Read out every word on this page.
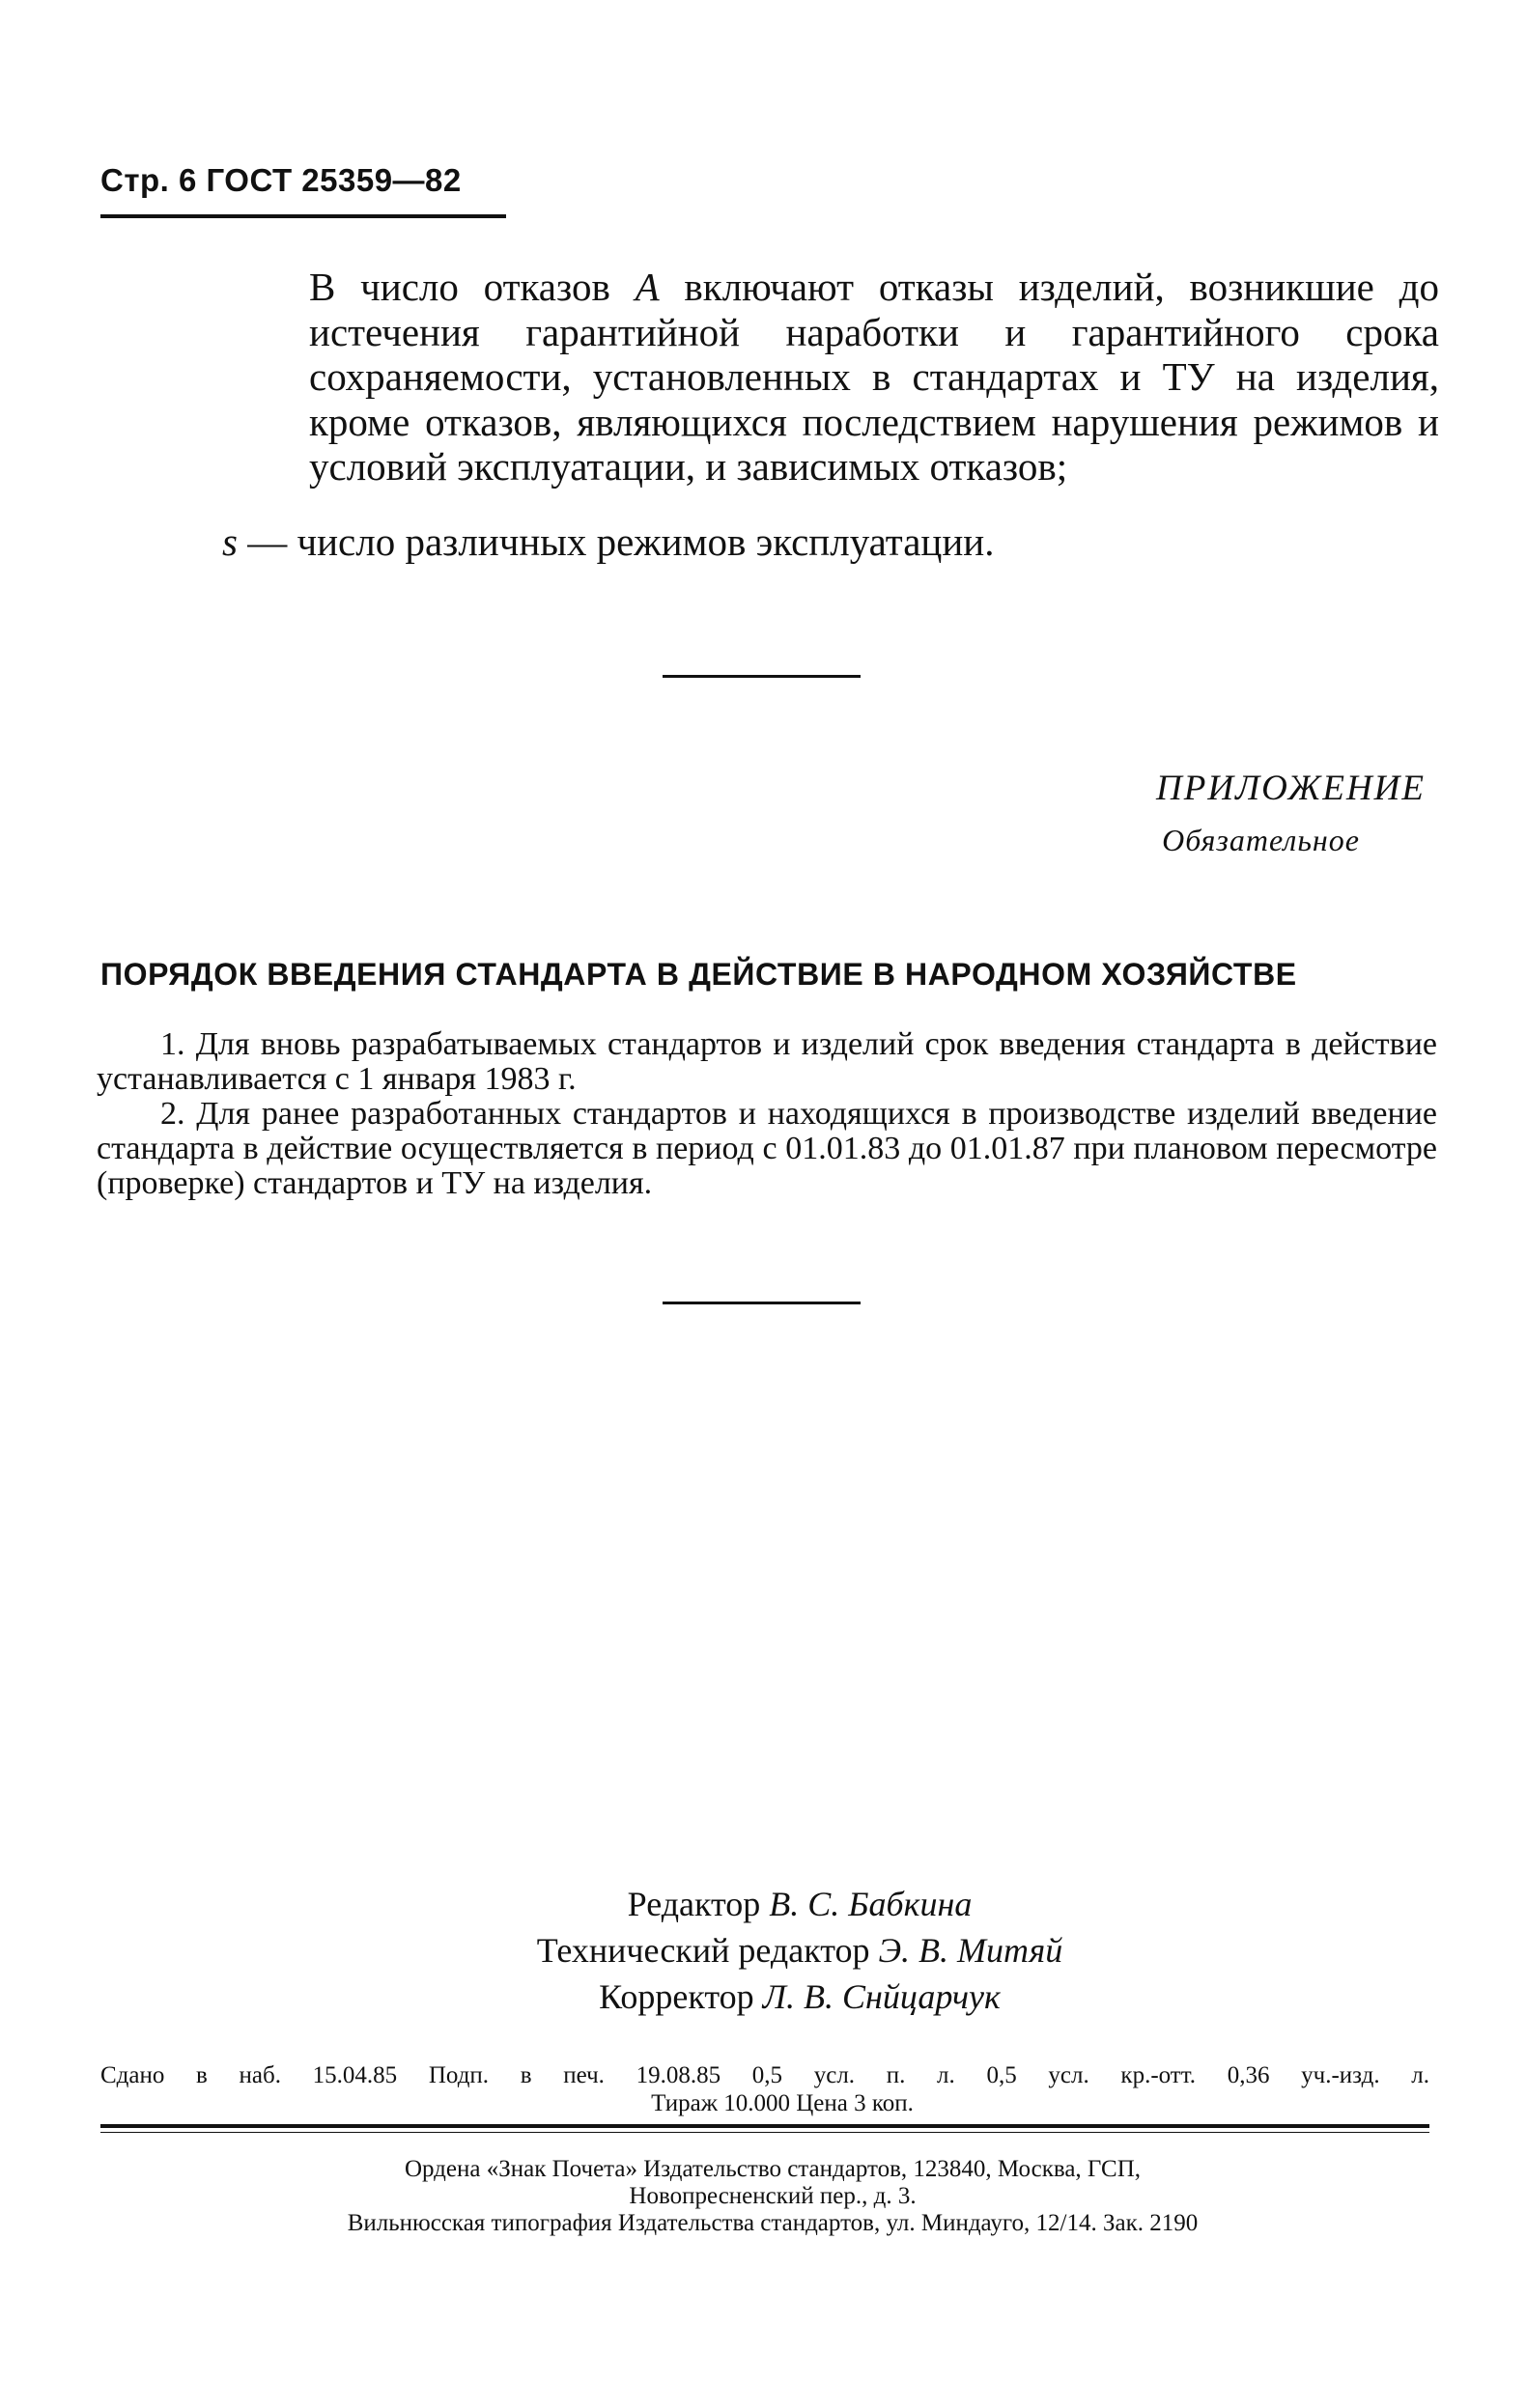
Стр. 6 ГОСТ 25359—82
В число отказов А включают отказы изделий, возникшие до истечения гарантийной наработки и гарантийного срока сохраняемости, установленных в стандартах и ТУ на изделия, кроме отказов, являющихся последствием нарушения режимов и условий эксплуатации, и зависимых отказов;
s — число различных режимов эксплуатации.
ПРИЛОЖЕНИЕ
Обязательное
ПОРЯДОК ВВЕДЕНИЯ СТАНДАРТА В ДЕЙСТВИЕ В НАРОДНОМ ХОЗЯЙСТВЕ

1. Для вновь разрабатываемых стандартов и изделий срок введения стандарта в действие устанавливается с 1 января 1983 г.

2. Для ранее разработанных стандартов и находящихся в производстве изделий введение стандарта в действие осуществляется в период с 01.01.83 до 01.01.87 при плановом пересмотре (проверке) стандартов и ТУ на изделия.

Редактор В. С. Бабкина
Технический редактор Э. В. Митяй
Корректор Л. В. Снйцарчук
Сдано в наб. 15.04.85 Подп. в печ. 19.08.85 0,5 усл. п. л. 0,5 усл. кр.-отт. 0,36 уч.-изд. л.
Тираж 10.000 Цена 3 коп.
Ордена «Знак Почета» Издательство стандартов, 123840, Москва, ГСП,
Новопресненский пер., д. 3.
Вильнюсская типография Издательства стандартов, ул. Миндауго, 12/14. Зак. 2190
